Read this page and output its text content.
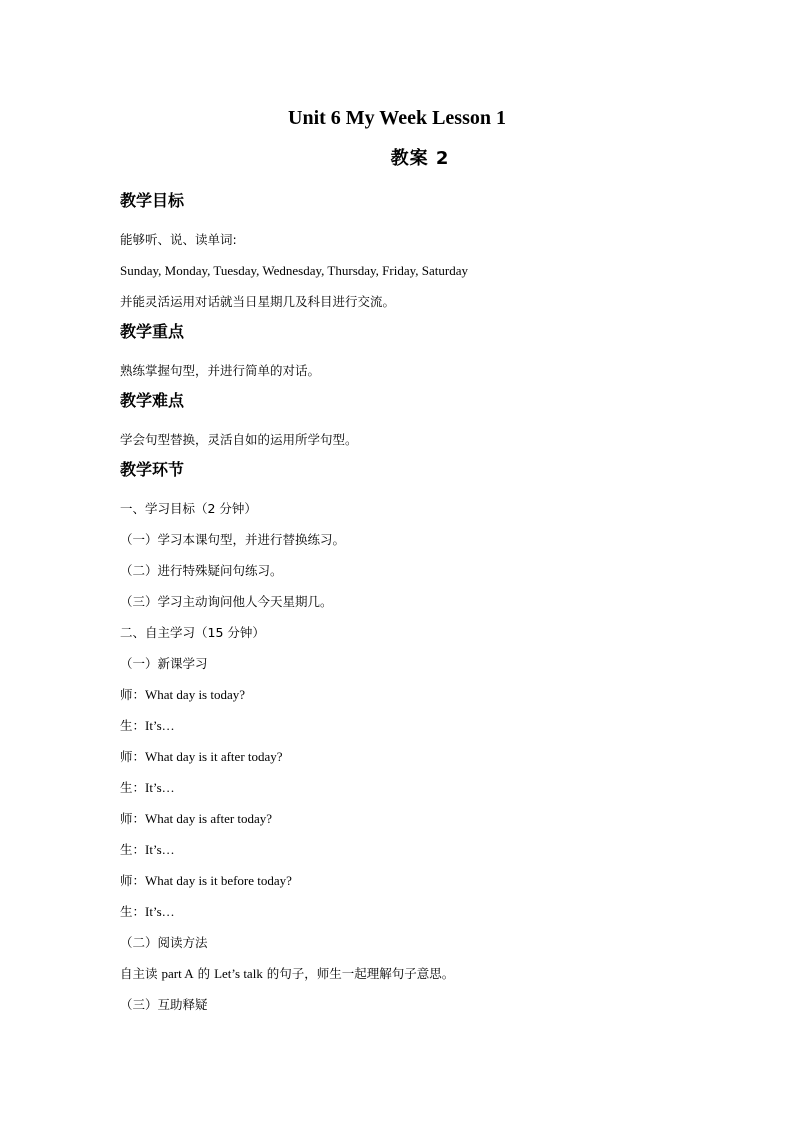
Unit 6 My Week Lesson 1
教案 2
教学目标
能够听、说、读单词:
Sunday, Monday, Tuesday, Wednesday, Thursday, Friday, Saturday
并能灵活运用对话就当日星期几及科目进行交流。
教学重点
熟练掌握句型，并进行简单的对话。
教学难点
学会句型替换，灵活自如的运用所学句型。
教学环节
一、学习目标（2 分钟）
（一）学习本课句型，并进行替换练习。
（二）进行特殊疑问句练习。
（三）学习主动询问他人今天星期几。
二、自主学习（15 分钟）
（一）新课学习
师：What day is today?
生：It’s…
师：What day is it after today?
生：It’s…
师：What day is after today?
生：It’s…
师：What day is it before today?
生：It’s…
（二）阅读方法
自主读 part A 的 Let’s talk 的句子，师生一起理解句子意思。
（三）互助释疑
